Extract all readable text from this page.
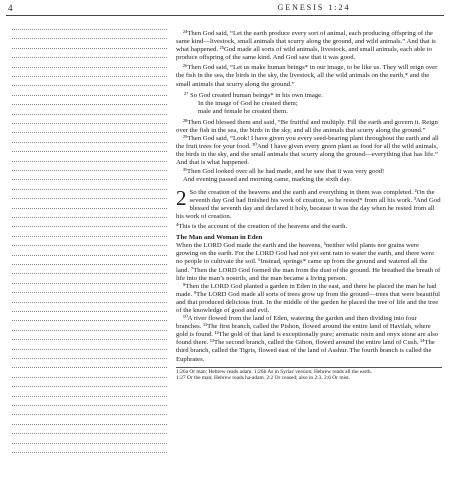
4	GENESIS 1:24

²⁴Then God said, “Let the earth produce every sort of animal, each producing offspring of the same kind—livestock, small animals that scurry along the ground, and wild animals.” And that is what happened. ²⁵God made all sorts of wild animals, livestock, and small animals, each able to produce offspring of the same kind. And God saw that it was good.

²⁶Then God said, “Let us make human beings* in our image, to be like us. They will reign over the fish in the sea, the birds in the sky, the livestock, all the wild animals on the earth,* and the small animals that scurry along the ground.”

²⁷ So God created human beings* in his own image.
In the image of God he created them;
male and female he created them.

²⁸Then God blessed them and said, “Be fruitful and multiply. Fill the earth and govern it. Reign over the fish in the sea, the birds in the sky, and all the animals that scurry along the ground.”

²⁹Then God said, “Look! I have given you every seed-bearing plant throughout the earth and all the fruit trees for your food. ³⁰And I have given every green plant as food for all the wild animals, the birds in the sky, and the small animals that scurry along the ground—everything that has life.” And that is what happened.

³¹Then God looked over all he had made, and he saw that it was very good!

And evening passed and morning came, marking the sixth day.

2 So the creation of the heavens and the earth and everything in them was completed. ²On the seventh day God had finished his work of creation, so he rested* from all his work. ³And God blessed the seventh day and declared it holy, because it was the day when he rested from all his work of creation.

⁴This is the account of the creation of the heavens and the earth.

The Man and Woman in Eden

When the LORD God made the earth and the heavens, ⁵neither wild plants nor grains were growing on the earth. For the LORD God had not yet sent rain to water the earth, and there were no people to cultivate the soil. ⁶Instead, springs* came up from the ground and watered all the land. ⁷Then the LORD God formed the man from the dust of the ground. He breathed the breath of life into the man’s nostrils, and the man became a living person.

⁸Then the LORD God planted a garden in Eden in the east, and there he placed the man he had made. ⁹The LORD God made all sorts of trees grow up from the ground—trees that were beautiful and that produced delicious fruit. In the middle of the garden he placed the tree of life and the tree of the knowledge of good and evil.

¹⁰A river flowed from the land of Eden, watering the garden and then dividing into four branches. ¹¹The first branch, called the Pishon, flowed around the entire land of Havilah, where gold is found. ¹²The gold of that land is exceptionally pure; aromatic resin and onyx stone are also found there. ¹³The second branch, called the Gihon, flowed around the entire land of Cush. ¹⁴The third branch, called the Tigris, flowed east of the land of Asshur. The fourth branch is called the Euphrates.

1:26a Or man; Hebrew reads adam. 1:26b As in Syriac version; Hebrew reads all the earth.
1:27 Or the man; Hebrew reads ha-adam. 2:2 Or ceased; also in 2:3. 2:6 Or mist.
